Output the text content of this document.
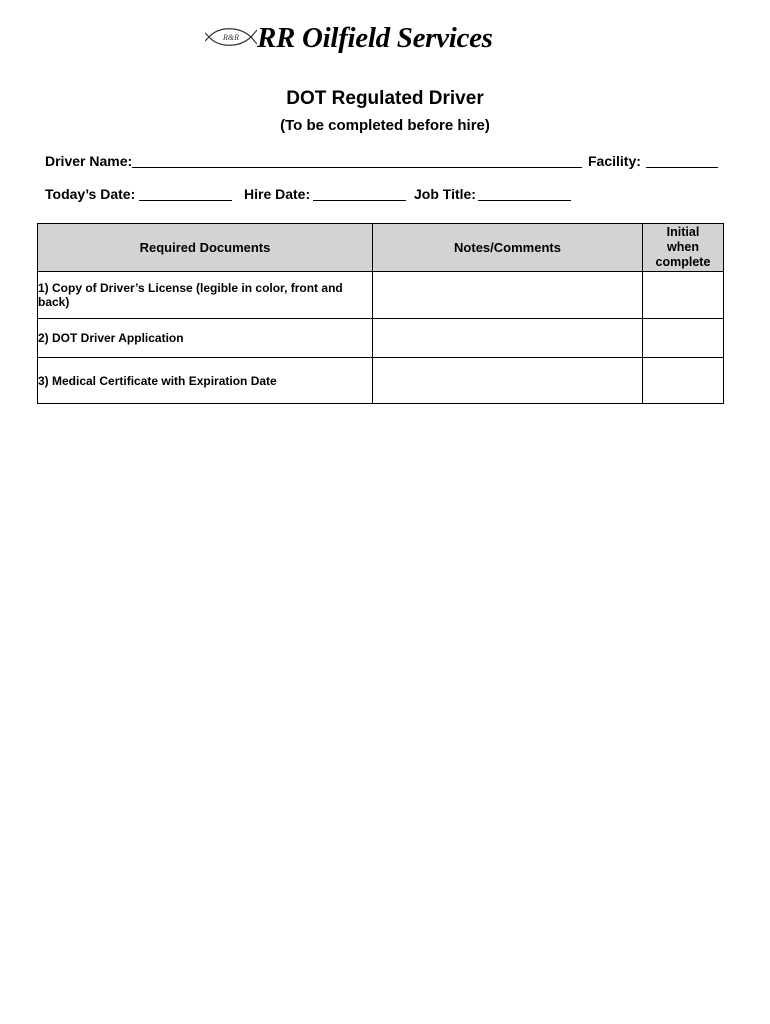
R&R RR Oilfield Services
DOT Regulated Driver
(To be completed before hire)
Driver Name:	Facility:
Today’s Date:	Hire Date:	Job Title:
Required Documents	Notes/Comments	Initial
when
complete

1) Copy of Driver’s License (legible in color, front and back)		
2) DOT Driver Application		
3) Medical Certificate with Expiration Date		
